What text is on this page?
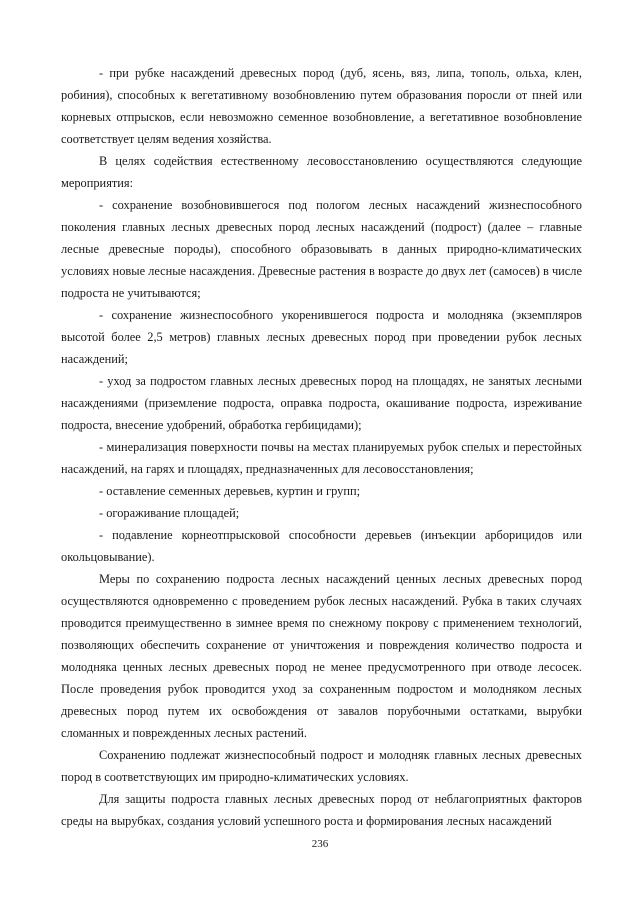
- при рубке насаждений древесных пород (дуб, ясень, вяз, липа, тополь, ольха, клен, робиния), способных к вегетативному возобновлению путем образования поросли от пней или корневых отпрысков, если невозможно семенное возобновление, а вегетативное возобновление соответствует целям ведения хозяйства.

В целях содействия естественному лесовосстановлению осуществляются следующие мероприятия:

- сохранение возобновившегося под пологом лесных насаждений жизнеспособного поколения главных лесных древесных пород лесных насаждений (подрост) (далее – главные лесные древесные породы), способного образовывать в данных природно-климатических условиях новые лесные насаждения. Древесные растения в возрасте до двух лет (самосев) в числе подроста не учитываются;

- сохранение жизнеспособного укоренившегося подроста и молодняка (экземпляров высотой более 2,5 метров) главных лесных древесных пород при проведении рубок лесных насаждений;

- уход за подростом главных лесных древесных пород на площадях, не занятых лесными насаждениями (приземление подроста, оправка подроста, окашивание подроста, изреживание подроста, внесение удобрений, обработка гербицидами);

- минерализация поверхности почвы на местах планируемых рубок спелых и перестойных насаждений, на гарях и площадях, предназначенных для лесовосстановления;

- оставление семенных деревьев, куртин и групп;

- огораживание площадей;

- подавление корнеотпрысковой способности деревьев (инъекции арборицидов или окольцовывание).

Меры по сохранению подроста лесных насаждений ценных лесных древесных пород осуществляются одновременно с проведением рубок лесных насаждений. Рубка в таких случаях проводится преимущественно в зимнее время по снежному покрову с применением технологий, позволяющих обеспечить сохранение от уничтожения и повреждения количество подроста и молодняка ценных лесных древесных пород не менее предусмотренного при отводе лесосек. После проведения рубок проводится уход за сохраненным подростом и молодняком лесных древесных пород путем их освобождения от завалов порубочными остатками, вырубки сломанных и поврежденных лесных растений.

Сохранению подлежат жизнеспособный подрост и молодняк главных лесных древесных пород в соответствующих им природно-климатических условиях.

Для защиты подроста главных лесных древесных пород от неблагоприятных факторов среды на вырубках, создания условий успешного роста и формирования лесных насаждений

236
